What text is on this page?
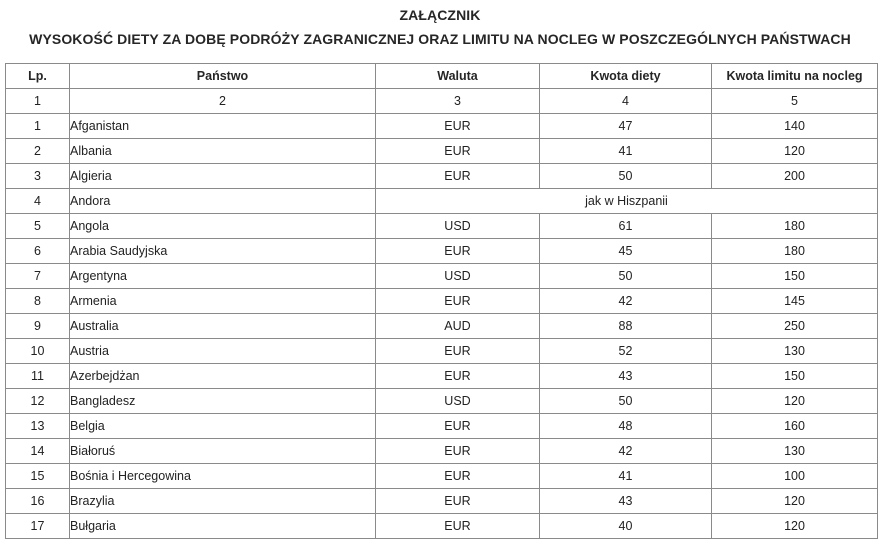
ZAŁĄCZNIK
WYSOKOŚĆ DIETY ZA DOBĘ PODRÓŻY ZAGRANICZNEJ ORAZ LIMITU NA NOCLEG W POSZCZEGÓLNYCH PAŃSTWACH
Lp.	Państwo	Waluta	Kwota diety	Kwota limitu na nocleg
1	2	3	4	5
1	Afganistan	EUR	47	140
2	Albania	EUR	41	120
3	Algieria	EUR	50	200
4	Andora	jak w Hiszpanii		
5	Angola	USD	61	180
6	Arabia Saudyjska	EUR	45	180
7	Argentyna	USD	50	150
8	Armenia	EUR	42	145
9	Australia	AUD	88	250
10	Austria	EUR	52	130
11	Azerbejdżan	EUR	43	150
12	Bangladesz	USD	50	120
13	Belgia	EUR	48	160
14	Białoruś	EUR	42	130
15	Bośnia i Hercegowina	EUR	41	100
16	Brazylia	EUR	43	120
17	Bułgaria	EUR	40	120
